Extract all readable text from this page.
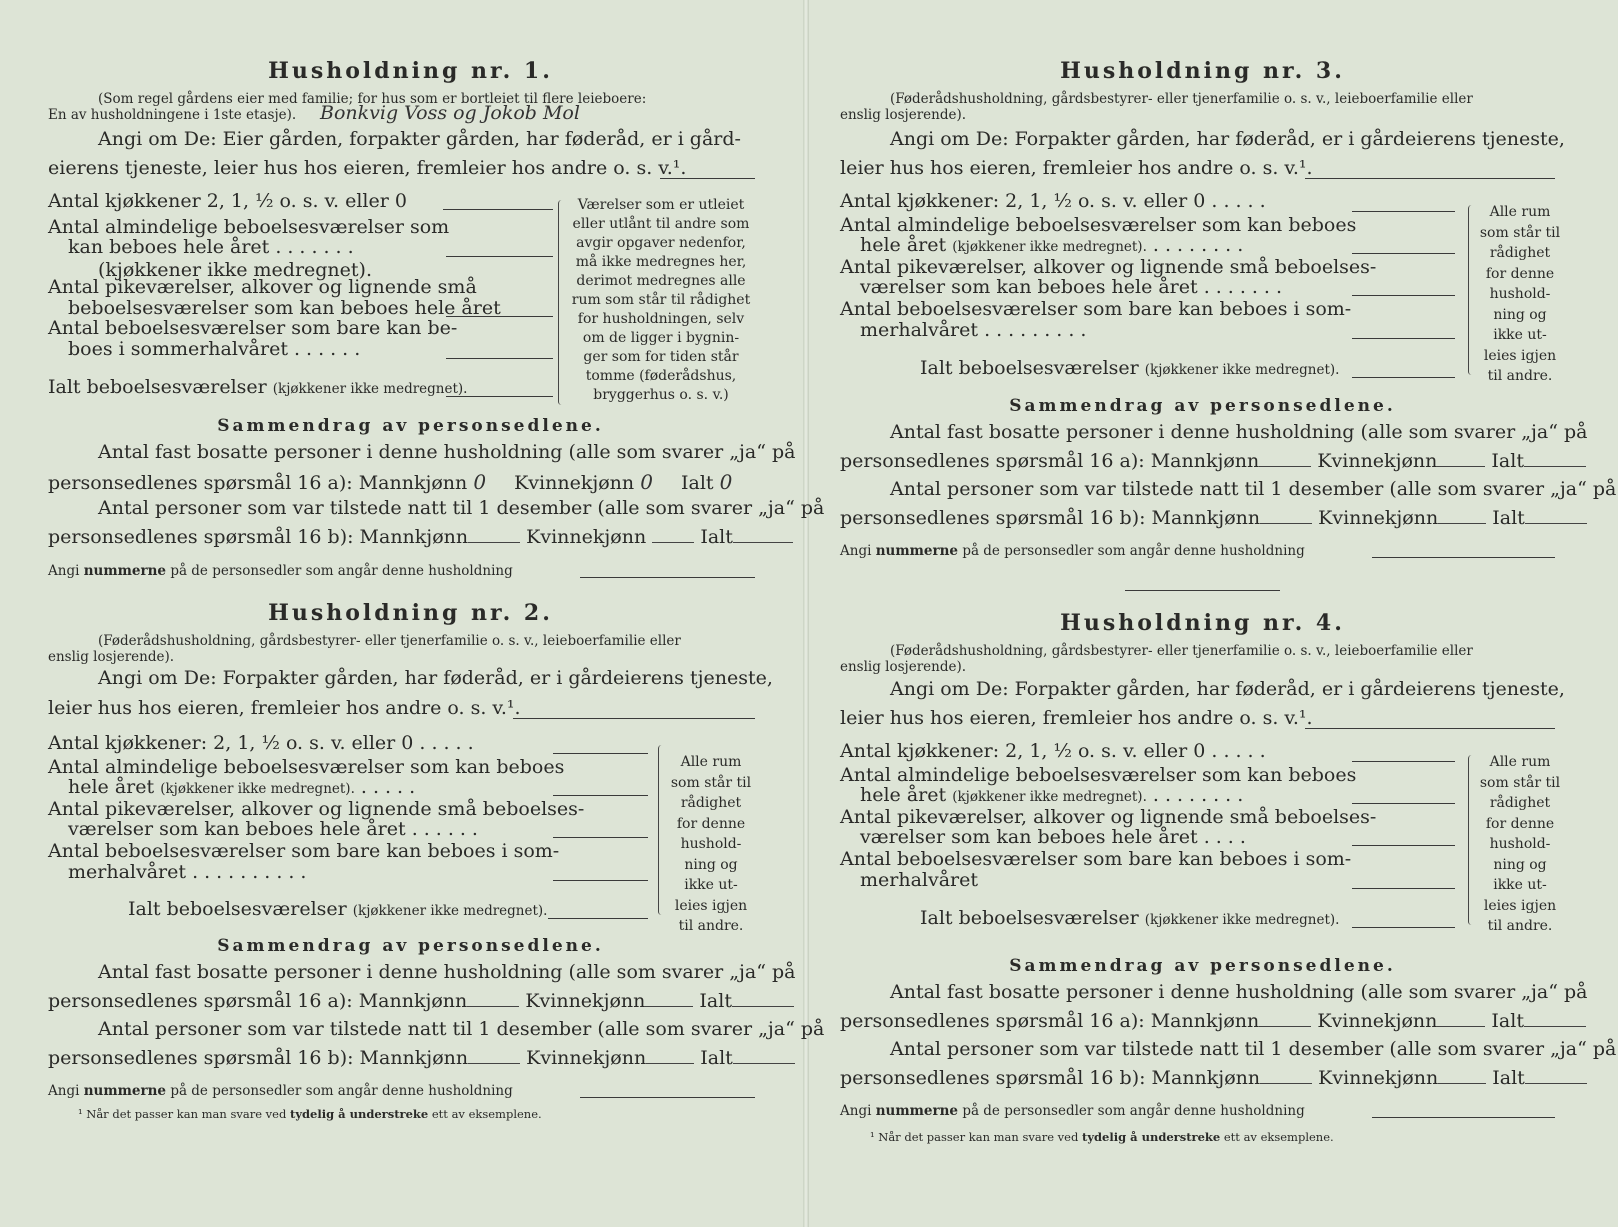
Husholdning nr. 1.
(Som regel gårdens eier med familie; for hus som er bortleiet til flere leieboere:
En av husholdningene i 1ste etasje). Bonkvig Voss og Jokob Mol
Angi om De: Eier gården, forpakter gården, har føderåd, er i gård-
eierens tjeneste, leier hus hos eieren, fremleier hos andre o. s. v.¹.
Antal kjøkkener 2, 1, ½ o. s. v. eller 0
Antal almindelige beboelsesværelser som
kan beboes hele året .......
(kjøkkener ikke medregnet).
Antal pikeværelser, alkover og lignende små
beboelsesværelser som kan beboes hele året
Antal beboelsesværelser som bare kan be-
boes i sommerhalvåret ......
Ialt beboelsesværelser (kjøkkener ikke medregnet).
Værelser som er utleiet
eller utlånt til andre som
avgir opgaver nedenfor,
må ikke medregnes her,
derimot medregnes alle
rum som står til rådighet
for husholdningen, selv
om de ligger i bygnin-
ger som for tiden står
tomme (føderådshus,
bryggerhus o. s. v.)
Sammendrag av personsedlene.
Antal fast bosatte personer i denne husholdning (alle som svarer „ja“ på
personsedlenes spørsmål 16 a): Mannkjønn 0 Kvinnekjønn 0 Ialt 0
Antal personer som var tilstede natt til 1 desember (alle som svarer „ja“ på
personsedlenes spørsmål 16 b): Mannkjønn	Kvinnekjønn	Ialt
Angi nummerne på de personsedler som angår denne husholdning
Husholdning nr. 2.
(Føderådshusholdning, gårdsbestyrer- eller tjenerfamilie o. s. v., leieboerfamilie eller
enslig losjerende).
Angi om De: Forpakter gården, har føderåd, er i gårdeierens tjeneste,
leier hus hos eieren, fremleier hos andre o. s. v.¹.
Antal kjøkkener: 2, 1, ½ o. s. v. eller 0 .....
Antal almindelige beboelsesværelser som kan beboes
hele året (kjøkkener ikke medregnet). .....
Antal pikeværelser, alkover og lignende små beboelses-
værelser som kan beboes hele året ......
Antal beboelsesværelser som bare kan beboes i som-
merhalvåret ..........
Ialt beboelsesværelser (kjøkkener ikke medregnet).
Alle rum
som står til
rådighet
for denne
hushold-
ning og
ikke ut-
leies igjen
til andre.
Sammendrag av personsedlene.
Antal fast bosatte personer i denne husholdning (alle som svarer „ja“ på
personsedlenes spørsmål 16 a): Mannkjønn	Kvinnekjønn	Ialt
Antal personer som var tilstede natt til 1 desember (alle som svarer „ja“ på
personsedlenes spørsmål 16 b): Mannkjønn	Kvinnekjønn	Ialt
Angi nummerne på de personsedler som angår denne husholdning
¹ Når det passer kan man svare ved tydelig å understreke ett av eksemplene.
Husholdning nr. 3.
(Føderådshusholdning, gårdsbestyrer- eller tjenerfamilie o. s. v., leieboerfamilie eller
enslig losjerende).
Angi om De: Forpakter gården, har føderåd, er i gårdeierens tjeneste,
leier hus hos eieren, fremleier hos andre o. s. v.¹.
Antal kjøkkener: 2, 1, ½ o. s. v. eller 0 .....
Antal almindelige beboelsesværelser som kan beboes
hele året (kjøkkener ikke medregnet). ........
Antal pikeværelser, alkover og lignende små beboelses-
værelser som kan beboes hele året .......
Antal beboelsesværelser som bare kan beboes i som-
merhalvåret .........
Ialt beboelsesværelser (kjøkkener ikke medregnet).
Alle rum
som står til
rådighet
for denne
hushold-
ning og
ikke ut-
leies igjen
til andre.
Sammendrag av personsedlene.
Antal fast bosatte personer i denne husholdning (alle som svarer „ja“ på
personsedlenes spørsmål 16 a): Mannkjønn	Kvinnekjønn	Ialt
Antal personer som var tilstede natt til 1 desember (alle som svarer „ja“ på
personsedlenes spørsmål 16 b): Mannkjønn	Kvinnekjønn	Ialt
Angi nummerne på de personsedler som angår denne husholdning
Husholdning nr. 4.
(Føderådshusholdning, gårdsbestyrer- eller tjenerfamilie o. s. v., leieboerfamilie eller
enslig losjerende).
Angi om De: Forpakter gården, har føderåd, er i gårdeierens tjeneste,
leier hus hos eieren, fremleier hos andre o. s. v.¹.
Antal kjøkkener: 2, 1, ½ o. s. v. eller 0 .....
Antal almindelige beboelsesværelser som kan beboes
hele året (kjøkkener ikke medregnet). ........
Antal pikeværelser, alkover og lignende små beboelses-
værelser som kan beboes hele året ....
Antal beboelsesværelser som bare kan beboes i som-
merhalvåret
Ialt beboelsesværelser (kjøkkener ikke medregnet).
Alle rum
som står til
rådighet
for denne
hushold-
ning og
ikke ut-
leies igjen
til andre.
Sammendrag av personsedlene.
Antal fast bosatte personer i denne husholdning (alle som svarer „ja“ på
personsedlenes spørsmål 16 a): Mannkjønn	Kvinnekjønn	Ialt
Antal personer som var tilstede natt til 1 desember (alle som svarer „ja“ på
personsedlenes spørsmål 16 b): Mannkjønn	Kvinnekjønn	Ialt
Angi nummerne på de personsedler som angår denne husholdning
¹ Når det passer kan man svare ved tydelig å understreke ett av eksemplene.
